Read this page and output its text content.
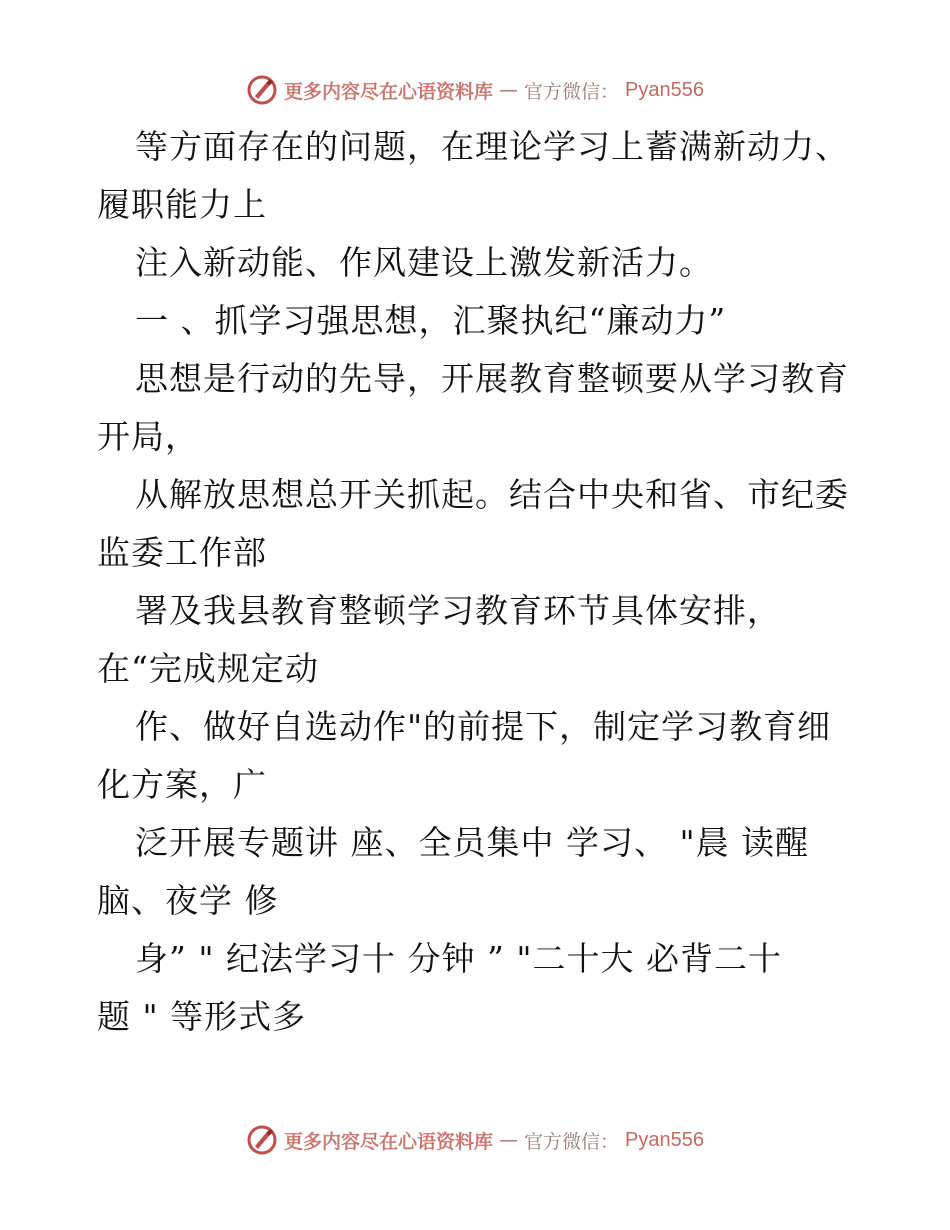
更多内容尽在心语资料库 — 官方微信： Pyan556
等方面存在的问题，在理论学习上蓄满新动力、
履职能力上
注入新动能、作风建设上激发新活力。
一 、抓学习强思想，汇聚执纪“廉动力”
思想是行动的先导，开展教育整顿要从学习教育
开局，
从解放思想总开关抓起。结合中央和省、市纪委
监委工作部
署及我县教育整顿学习教育环节具体安排，
在“完成规定动
作、做好自选动作"的前提下，制定学习教育细
化方案，广
泛开展专题讲 座、全员集中 学习、 "晨 读醒
脑、夜学 修
身” " 纪法学习十 分钟 ” "二十大 必背二十
题 " 等形式多
更多内容尽在心语资料库 — 官方微信： Pyan556
